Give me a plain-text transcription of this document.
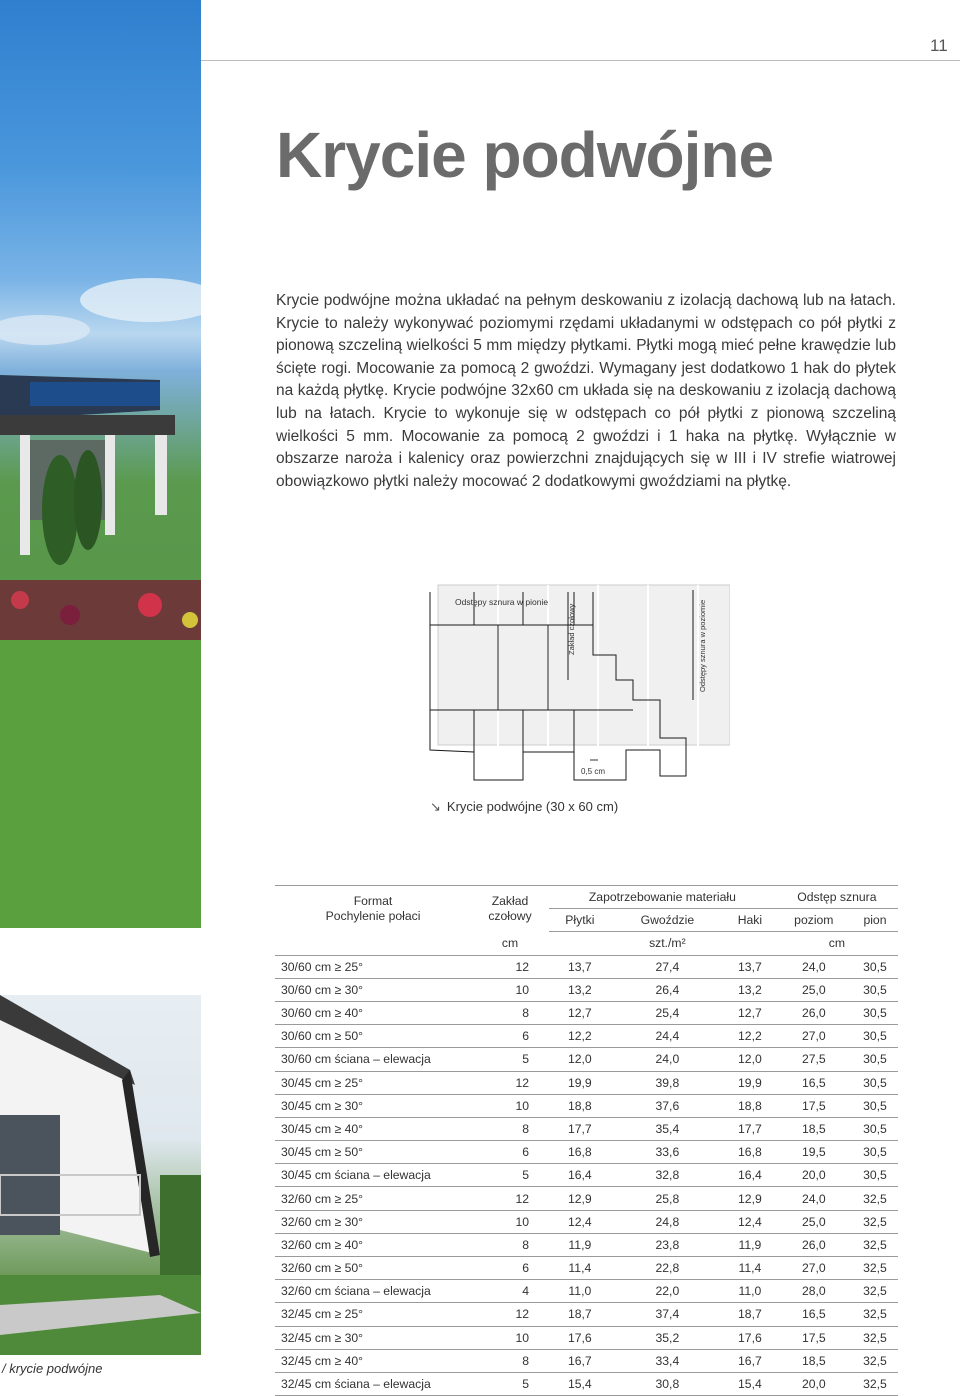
11
Krycie podwójne

Krycie podwójne można układać na pełnym deskowaniu z izolacją dachową lub na łatach. Krycie to należy wykonywać poziomymi rzędami układanymi w odstępach co pół płytki z pionową szczeliną wielkości 5 mm między płytkami. Płytki mogą mieć pełne krawędzie lub ścięte rogi. Mocowanie za pomocą 2 gwoździ. Wymagany jest dodatkowo 1 hak do płytek na każdą płytkę. Krycie podwójne 32x60 cm układa się na deskowaniu z izolacją dachową lub na łatach. Krycie to wykonuje się w odstępach co pół płytki z pionową szczeliną wielkości 5 mm. Mocowanie za pomocą 2 gwoździ i 1 haka na płytkę. Wyłącznie w obszarze naroża i kalenicy oraz powierzchni znajdujących się w III i IV strefie wiatrowej obowiązkowo płytki należy mocować 2 dodatkowymi gwoździami na płytkę.

Odstępy sznura w pionie
Zakład czołowy	Odstępy sznura w poziomie
0,5 cm
↘ Krycie podwójne (30 x 60 cm)
Format
Pochylenie połaci	Zakład
czołowy	Zapotrzebowanie materiału			Odstęp sznura	
		Płytki	Gwoździe	Haki	poziom	pion
	cm		szt./m²		cm	
30/60 cm ≥ 25°	12	13,7	27,4	13,7	24,0	30,5
30/60 cm ≥ 30°	10	13,2	26,4	13,2	25,0	30,5
30/60 cm ≥ 40°	8	12,7	25,4	12,7	26,0	30,5
30/60 cm ≥ 50°	6	12,2	24,4	12,2	27,0	30,5
30/60 cm ściana – elewacja	5	12,0	24,0	12,0	27,5	30,5
30/45 cm ≥ 25°	12	19,9	39,8	19,9	16,5	30,5
30/45 cm ≥ 30°	10	18,8	37,6	18,8	17,5	30,5
30/45 cm ≥ 40°	8	17,7	35,4	17,7	18,5	30,5
30/45 cm ≥ 50°	6	16,8	33,6	16,8	19,5	30,5
30/45 cm ściana – elewacja	5	16,4	32,8	16,4	20,0	30,5
32/60 cm ≥ 25°	12	12,9	25,8	12,9	24,0	32,5
32/60 cm ≥ 30°	10	12,4	24,8	12,4	25,0	32,5
32/60 cm ≥ 40°	8	11,9	23,8	11,9	26,0	32,5
32/60 cm ≥ 50°	6	11,4	22,8	11,4	27,0	32,5
32/60 cm ściana – elewacja	4	11,0	22,0	11,0	28,0	32,5
32/45 cm ≥ 25°	12	18,7	37,4	18,7	16,5	32,5
32/45 cm ≥ 30°	10	17,6	35,2	17,6	17,5	32,5
32/45 cm ≥ 40°	8	16,7	33,4	16,7	18,5	32,5
32/45 cm ściana – elewacja	5	15,4	30,8	15,4	20,0	32,5
/ krycie podwójne
